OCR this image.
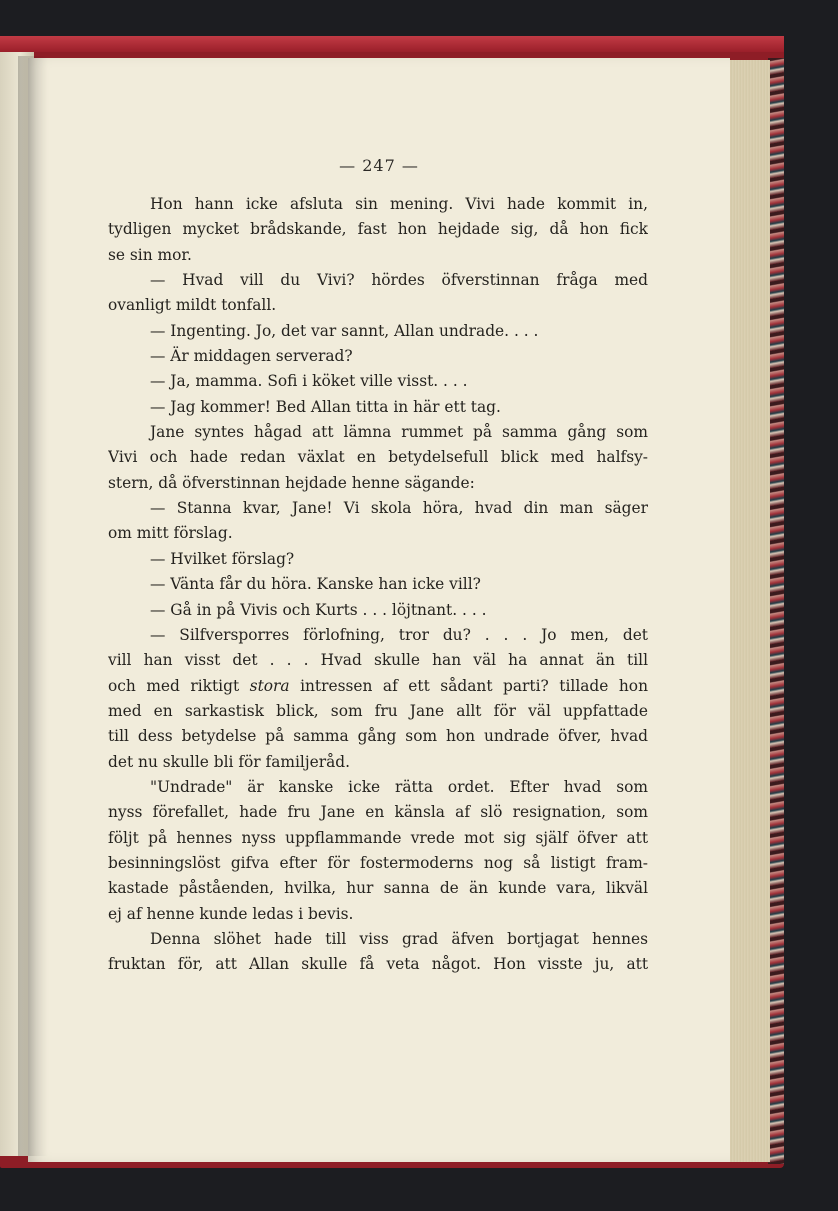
— 247 —
Hon hann icke afsluta sin mening. Vivi hade kommit in,
tydligen mycket brådskande, fast hon hejdade sig, då hon fick
se sin mor.
— Hvad vill du Vivi? hördes öfverstinnan fråga med
ovanligt mildt tonfall.
— Ingenting. Jo, det var sannt, Allan undrade. . . .
— Är middagen serverad?
— Ja, mamma. Sofi i köket ville visst. . . .
— Jag kommer! Bed Allan titta in här ett tag.
Jane syntes hågad att lämna rummet på samma gång som
Vivi och hade redan växlat en betydelsefull blick med halfsy-
stern, då öfverstinnan hejdade henne sägande:
— Stanna kvar, Jane! Vi skola höra, hvad din man säger
om mitt förslag.
— Hvilket förslag?
— Vänta får du höra. Kanske han icke vill?
— Gå in på Vivis och Kurts . . . löjtnant. . . .
— Silfversporres förlofning, tror du? . . . Jo men, det
vill han visst det . . . Hvad skulle han väl ha annat än till
och med riktigt stora intressen af ett sådant parti? tillade hon
med en sarkastisk blick, som fru Jane allt för väl uppfattade
till dess betydelse på samma gång som hon undrade öfver, hvad
det nu skulle bli för familjeråd.
"Undrade" är kanske icke rätta ordet. Efter hvad som
nyss förefallet, hade fru Jane en känsla af slö resignation, som
följt på hennes nyss uppflammande vrede mot sig själf öfver att
besinningslöst gifva efter för fostermoderns nog så listigt fram-
kastade påståenden, hvilka, hur sanna de än kunde vara, likväl
ej af henne kunde ledas i bevis.
Denna slöhet hade till viss grad äfven bortjagat hennes
fruktan för, att Allan skulle få veta något. Hon visste ju, att
